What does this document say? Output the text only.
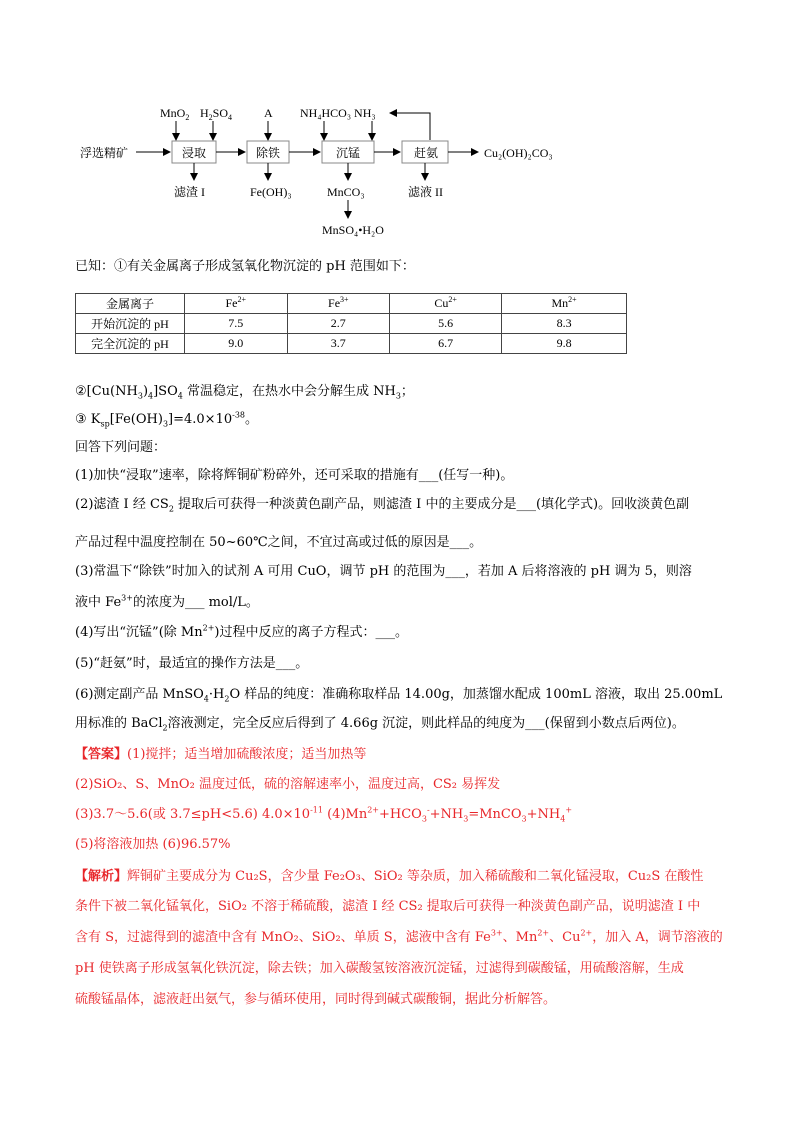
MnO$_2$ $H_2SO_4$	A NH₄HCO₃ NH₃
浮选精矿	浸取	除铁	沉锰	赶氨	Cu₂(OH)₂CO₃
滤渣 I	Fe(OH)₃	MnCO₃	滤液 II
MnSO₄•H₂O
已知：①有关金属离子形成氢氧化物沉淀的 pH 范围如下：
金属离子	$Fe^{2+}$	$Fe^{3+}$	$Cu^{2+}$	$Mn^{2+}$
开始沉淀的 pH	7.5	2.7	5.6	8.3
完全沉淀的 pH	9.0	3.7	6.7	9.8
$②[Cu(NH_3)_4]SO_4$ 常温稳定，在热水中会分解生成 $NH_3$；
③ $K_{sp}[Fe(OH)_3]=4.0\times 10^{-38}$。
回答下列问题：
(1)加快“浸取”速率，除将辉铜矿粉碎外，还可采取的措施有___(任写一种)。
(2)滤渣 I 经 $CS_2$ 提取后可获得一种淡黄色副产品，则滤渣 I 中的主要成分是___(填化学式)。回收淡黄色副
产品过程中温度控制在 50~60℃之间，不宜过高或过低的原因是___。
(3)常温下“除铁”时加入的试剂 A 可用 CuO，调节 pH 的范围为___，若加 A 后将溶液的 pH 调为 5，则溶
液中 $Fe^{3+}$的浓度为___ mol/L。
(4)写出“沉锰”(除 $Mn^{2+}$)过程中反应的离子方程式：___。
(5)“赶氨”时，最适宜的操作方法是___。
(6)测定副产品 $MnSO_4\cdot H_2O$ 样品的纯度：准确称取样品 14.00g，加蒸馏水配成 100mL 溶液，取出 25.00mL
用标准的 BaCl$_2$溶液测定，完全反应后得到了 4.66g 沉淀，则此样品的纯度为___(保留到小数点后两位)。
【答案】(1)搅拌；适当增加硫酸浓度；适当加热等
(2)SiO₂、S、MnO₂ 温度过低，硫的溶解速率小，温度过高，CS₂ 易挥发
(3)3.7～5.6(或 3.7≤pH<5.6) $4.0\times 10^{-11}$ $(4)Mn^{2+}+HCO_3^-+NH_3=MnCO_3+NH_4^+$
(5)将溶液加热 (6)96.57%
【解析】辉铜矿主要成分为 Cu₂S，含少量 Fe₂O₃、SiO₂ 等杂质，加入稀硫酸和二氧化锰浸取，Cu₂S 在酸性
条件下被二氧化锰氧化，SiO₂ 不溶于稀硫酸，滤渣 I 经 CS₂ 提取后可获得一种淡黄色副产品，说明滤渣 I 中
含有 S，过滤得到的滤渣中含有 MnO₂、SiO₂、单质 S，滤液中含有 $Fe^{3+}$、$Mn^{2+}$、$Cu^{2+}$，加入 A，调节溶液的
pH 使铁离子形成氢氧化铁沉淀，除去铁；加入碳酸氢铵溶液沉淀锰，过滤得到碳酸锰，用硫酸溶解，生成
硫酸锰晶体，滤液赶出氨气，参与循环使用，同时得到碱式碳酸铜，据此分析解答。
